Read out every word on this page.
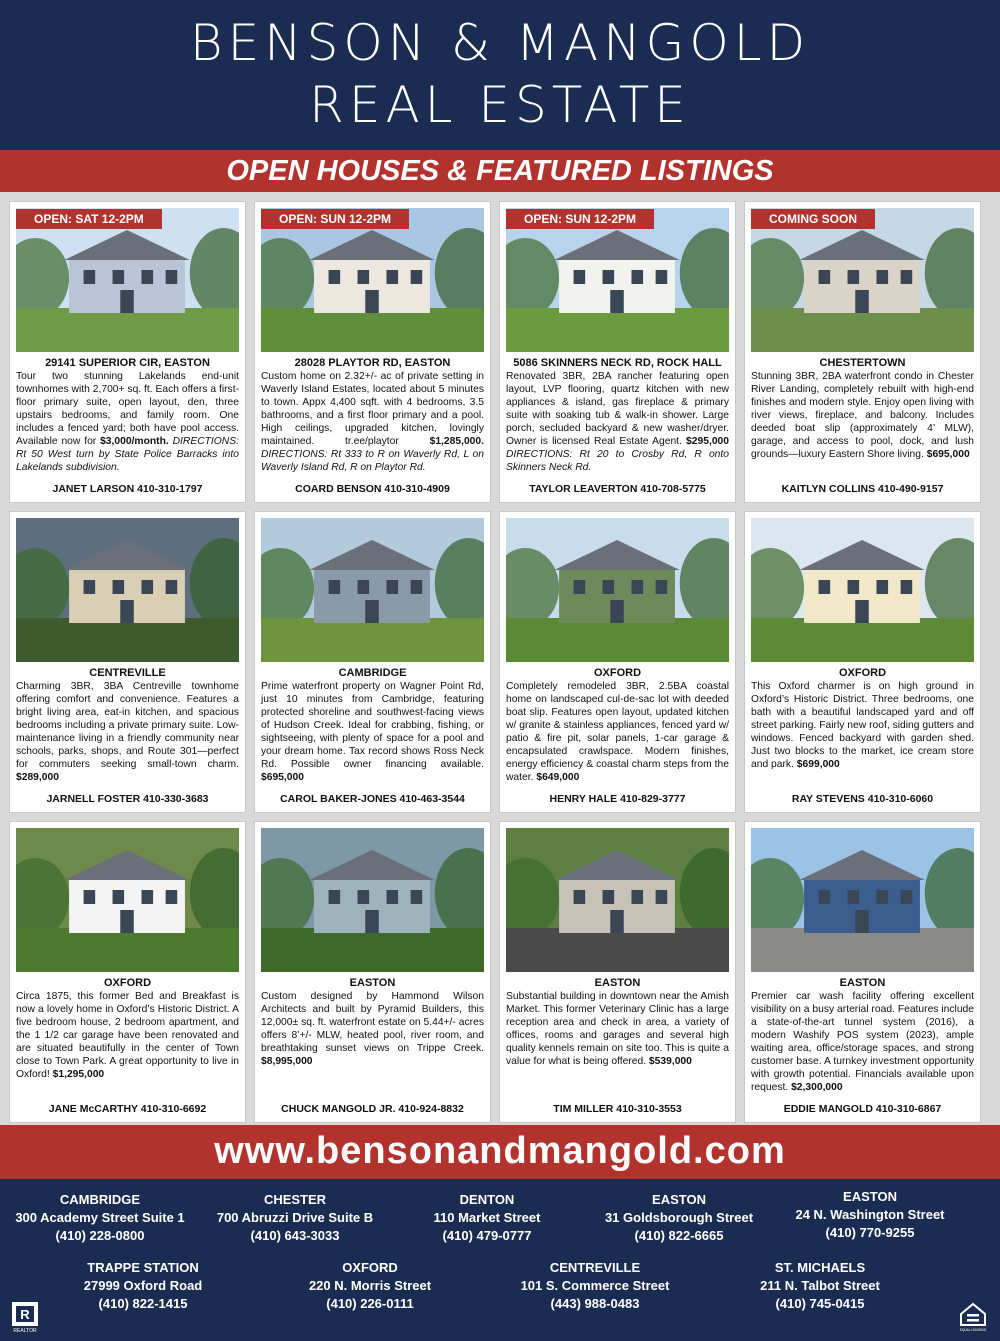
BENSON & MANGOLD
REAL ESTATE
OPEN HOUSES & FEATURED LISTINGS
OPEN: SAT 12-2PM
29141 SUPERIOR CIR, EASTON
Tour two stunning Lakelands end-unit townhomes with 2,700+ sq. ft. Each offers a first-floor primary suite, open layout, den, three upstairs bedrooms, and family room. One includes a fenced yard; both have pool access. Available now for $3,000/month. DIRECTIONS: Rt 50 West turn by State Police Barracks into Lakelands subdivision.
JANET LARSON 410-310-1797
OPEN: SUN 12-2PM
28028 PLAYTOR RD, EASTON
Custom home on 2.32+/- ac of private setting in Waverly Island Estates, located about 5 minutes to town. Appx 4,400 sqft. with 4 bedrooms, 3.5 bathrooms, and a first floor primary and a pool. High ceilings, upgraded kitchen, lovingly maintained. tr.ee/playtor $1,285,000. DIRECTIONS: Rt 333 to R on Waverly Rd, L on Waverly Island Rd, R on Playtor Rd.
COARD BENSON 410-310-4909
OPEN: SUN 12-2PM
5086 SKINNERS NECK RD, ROCK HALL
Renovated 3BR, 2BA rancher featuring open layout, LVP flooring, quartz kitchen with new appliances & island, gas fireplace & primary suite with soaking tub & walk-in shower. Large porch, secluded backyard & new washer/dryer. Owner is licensed Real Estate Agent. $295,000 DIRECTIONS: Rt 20 to Crosby Rd, R onto Skinners Neck Rd.
TAYLOR LEAVERTON 410-708-5775
COMING SOON
CHESTERTOWN
Stunning 3BR, 2BA waterfront condo in Chester River Landing, completely rebuilt with high-end finishes and modern style. Enjoy open living with river views, fireplace, and balcony. Includes deeded boat slip (approximately 4’ MLW), garage, and access to pool, dock, and lush grounds—luxury Eastern Shore living. $695,000
KAITLYN COLLINS 410-490-9157
CENTREVILLE
Charming 3BR, 3BA Centreville townhome offering comfort and convenience. Features a bright living area, eat-in kitchen, and spacious bedrooms including a private primary suite. Low-maintenance living in a friendly community near schools, parks, shops, and Route 301—perfect for commuters seeking small-town charm. $289,000
JARNELL FOSTER 410-330-3683
CAMBRIDGE
Prime waterfront property on Wagner Point Rd, just 10 minutes from Cambridge, featuring protected shoreline and southwest-facing views of Hudson Creek. Ideal for crabbing, fishing, or sightseeing, with plenty of space for a pool and your dream home. Tax record shows Ross Neck Rd. Possible owner financing available. $695,000
CAROL BAKER-JONES 410-463-3544
OXFORD
Completely remodeled 3BR, 2.5BA coastal home on landscaped cul-de-sac lot with deeded boat slip. Features open layout, updated kitchen w/ granite & stainless appliances, fenced yard w/ patio & fire pit, solar panels, 1-car garage & encapsulated crawlspace. Modern finishes, energy efficiency & coastal charm steps from the water. $649,000
HENRY HALE 410-829-3777
OXFORD
This Oxford charmer is on high ground in Oxford’s Historic District. Three bedrooms, one bath with a beautiful landscaped yard and off street parking. Fairly new roof, siding gutters and windows. Fenced backyard with garden shed. Just two blocks to the market, ice cream store and park. $699,000
RAY STEVENS 410-310-6060
OXFORD
Circa 1875, this former Bed and Breakfast is now a lovely home in Oxford’s Historic District. A five bedroom house, 2 bedroom apartment, and the 1 1/2 car garage have been renovated and are situated beautifully in the center of Town close to Town Park. A great opportunity to live in Oxford! $1,295,000
JANE McCARTHY 410-310-6692
EASTON
Custom designed by Hammond Wilson Architects and built by Pyramid Builders, this 12,000± sq. ft. waterfront estate on 5.44+/- acres offers 8’+/- MLW, heated pool, river room, and breathtaking sunset views on Trippe Creek. $8,995,000
CHUCK MANGOLD JR. 410-924-8832
EASTON
Substantial building in downtown near the Amish Market. This former Veterinary Clinic has a large reception area and check in area, a variety of offices, rooms and garages and several high quality kennels remain on site too. This is quite a value for what is being offered. $539,000
TIM MILLER 410-310-3553
EASTON
Premier car wash facility offering excellent visibility on a busy arterial road. Features include a state-of-the-art tunnel system (2016), a modern Washify POS system (2023), ample waiting area, office/storage spaces, and strong customer base. A turnkey investment opportunity with growth potential. Financials available upon request. $2,300,000
EDDIE MANGOLD 410-310-6867
www.bensonandmangold.com
R
REALTOR	EQUAL HOUSING
CAMBRIDGE
300 Academy Street Suite 1
(410) 228-0800
CHESTER
700 Abruzzi Drive Suite B
(410) 643-3033
DENTON
110 Market Street
(410) 479-0777
EASTON
31 Goldsborough Street
(410) 822-6665
EASTON
24 N. Washington Street
(410) 770-9255
TRAPPE STATION
27999 Oxford Road
(410) 822-1415
OXFORD
220 N. Morris Street
(410) 226-0111
CENTREVILLE
101 S. Commerce Street
(443) 988-0483
ST. MICHAELS
211 N. Talbot Street
(410) 745-0415
